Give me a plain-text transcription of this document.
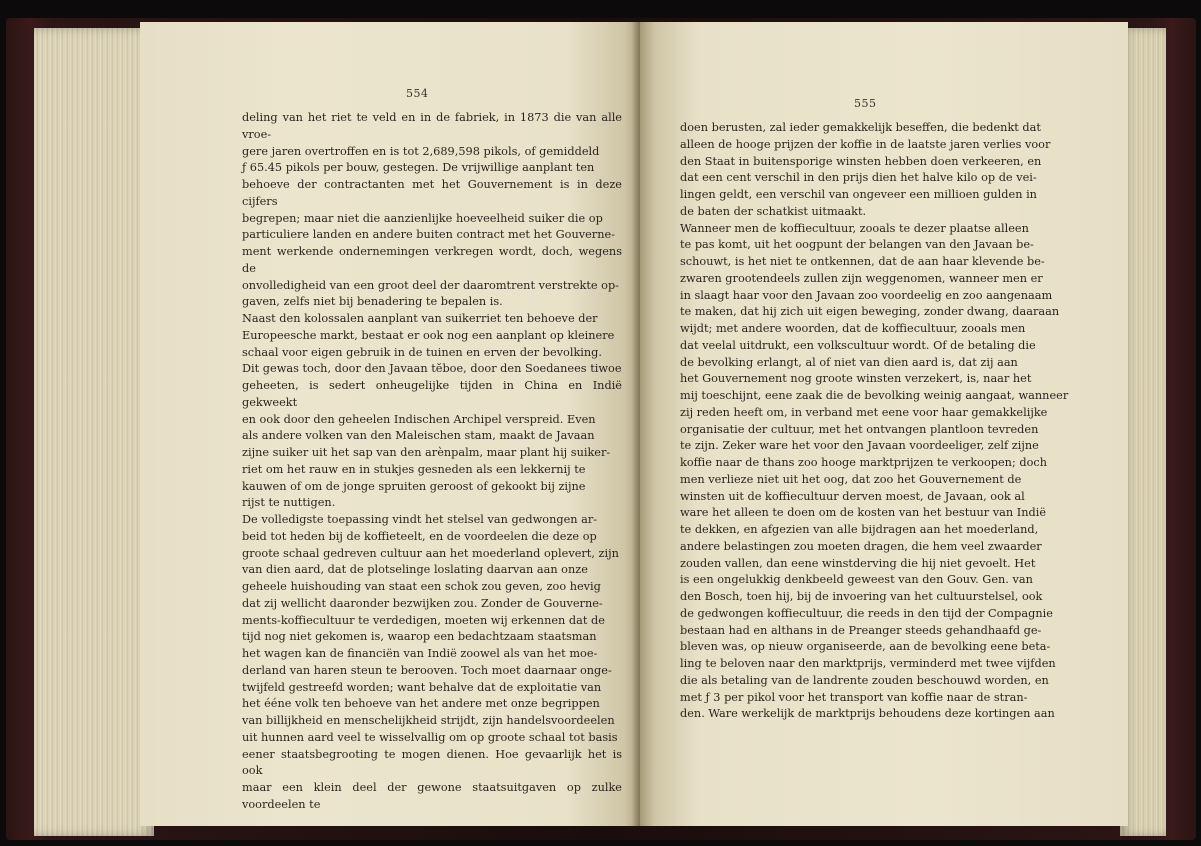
554

deling van het riet te veld en in de fabriek, in 1873 die van alle vroe-
gere jaren overtroffen en is tot 2,689,598 pikols, of gemiddeld
ƒ 65.45 pikols per bouw, gestegen. De vrijwillige aanplant ten
behoeve der contractanten met het Gouvernement is in deze cijfers
begrepen; maar niet die aanzienlijke hoeveelheid suiker die op
particuliere landen en andere buiten contract met het Gouverne-
ment werkende ondernemingen verkregen wordt, doch, wegens de
onvolledigheid van een groot deel der daaromtrent verstrekte op-
gaven, zelfs niet bij benadering te bepalen is.

Naast den kolossalen aanplant van suikerriet ten behoeve der
Europeesche markt, bestaat er ook nog een aanplant op kleinere
schaal voor eigen gebruik in de tuinen en erven der bevolking.
Dit gewas toch, door den Javaan tĕboe, door den Soedanees tiwoe
geheeten, is sedert onheugelijke tijden in China en Indië gekweekt
en ook door den geheelen Indischen Archipel verspreid. Even
als andere volken van den Maleischen stam, maakt de Javaan
zijne suiker uit het sap van den arènpalm, maar plant hij suiker-
riet om het rauw en in stukjes gesneden als een lekkernij te
kauwen of om de jonge spruiten geroost of gekookt bij zijne
rijst te nuttigen.

De volledigste toepassing vindt het stelsel van gedwongen ar-
beid tot heden bij de koffieteelt, en de voordeelen die deze op
groote schaal gedreven cultuur aan het moederland oplevert, zijn
van dien aard, dat de plotselinge loslating daarvan aan onze
geheele huishouding van staat een schok zou geven, zoo hevig
dat zij wellicht daaronder bezwijken zou. Zonder de Gouverne-
ments-koffiecultuur te verdedigen, moeten wij erkennen dat de
tijd nog niet gekomen is, waarop een bedachtzaam staatsman
het wagen kan de financiën van Indië zoowel als van het moe-
derland van haren steun te berooven. Toch moet daarnaar onge-
twijfeld gestreefd worden; want behalve dat de exploitatie van
het ééne volk ten behoeve van het andere met onze begrippen
van billijkheid en menschelijkheid strijdt, zijn handelsvoordeelen
uit hunnen aard veel te wisselvallig om op groote schaal tot basis
eener staatsbegrooting te mogen dienen. Hoe gevaarlijk het is ook
maar een klein deel der gewone staatsuitgaven op zulke voordeelen te

555

doen berusten, zal ieder gemakkelijk beseffen, die bedenkt dat
alleen de hooge prijzen der koffie in de laatste jaren verlies voor
den Staat in buitensporige winsten hebben doen verkeeren, en
dat een cent verschil in den prijs dien het halve kilo op de vei-
lingen geldt, een verschil van ongeveer een millioen gulden in
de baten der schatkist uitmaakt.

Wanneer men de koffiecultuur, zooals te dezer plaatse alleen
te pas komt, uit het oogpunt der belangen van den Javaan be-
schouwt, is het niet te ontkennen, dat de aan haar klevende be-
zwaren grootendeels zullen zijn weggenomen, wanneer men er
in slaagt haar voor den Javaan zoo voordeelig en zoo aangenaam
te maken, dat hij zich uit eigen beweging, zonder dwang, daaraan
wijdt; met andere woorden, dat de koffiecultuur, zooals men
dat veelal uitdrukt, een volkscultuur wordt. Of de betaling die
de bevolking erlangt, al of niet van dien aard is, dat zij aan
het Gouvernement nog groote winsten verzekert, is, naar het
mij toeschijnt, eene zaak die de bevolking weinig aangaat, wanneer
zij reden heeft om, in verband met eene voor haar gemakkelijke
organisatie der cultuur, met het ontvangen plantloon tevreden
te zijn. Zeker ware het voor den Javaan voordeeliger, zelf zijne
koffie naar de thans zoo hooge marktprijzen te verkoopen; doch
men verlieze niet uit het oog, dat zoo het Gouvernement de
winsten uit de koffiecultuur derven moest, de Javaan, ook al
ware het alleen te doen om de kosten van het bestuur van Indië
te dekken, en afgezien van alle bijdragen aan het moederland,
andere belastingen zou moeten dragen, die hem veel zwaarder
zouden vallen, dan eene winstderving die hij niet gevoelt. Het
is een ongelukkig denkbeeld geweest van den Gouv. Gen. van
den Bosch, toen hij, bij de invoering van het cultuurstelsel, ook
de gedwongen koffiecultuur, die reeds in den tijd der Compagnie
bestaan had en althans in de Preanger steeds gehandhaafd ge-
bleven was, op nieuw organiseerde, aan de bevolking eene beta-
ling te beloven naar den marktprijs, verminderd met twee vijfden
die als betaling van de landrente zouden beschouwd worden, en
met ƒ 3 per pikol voor het transport van koffie naar de stran-
den. Ware werkelijk de marktprijs behoudens deze kortingen aan
